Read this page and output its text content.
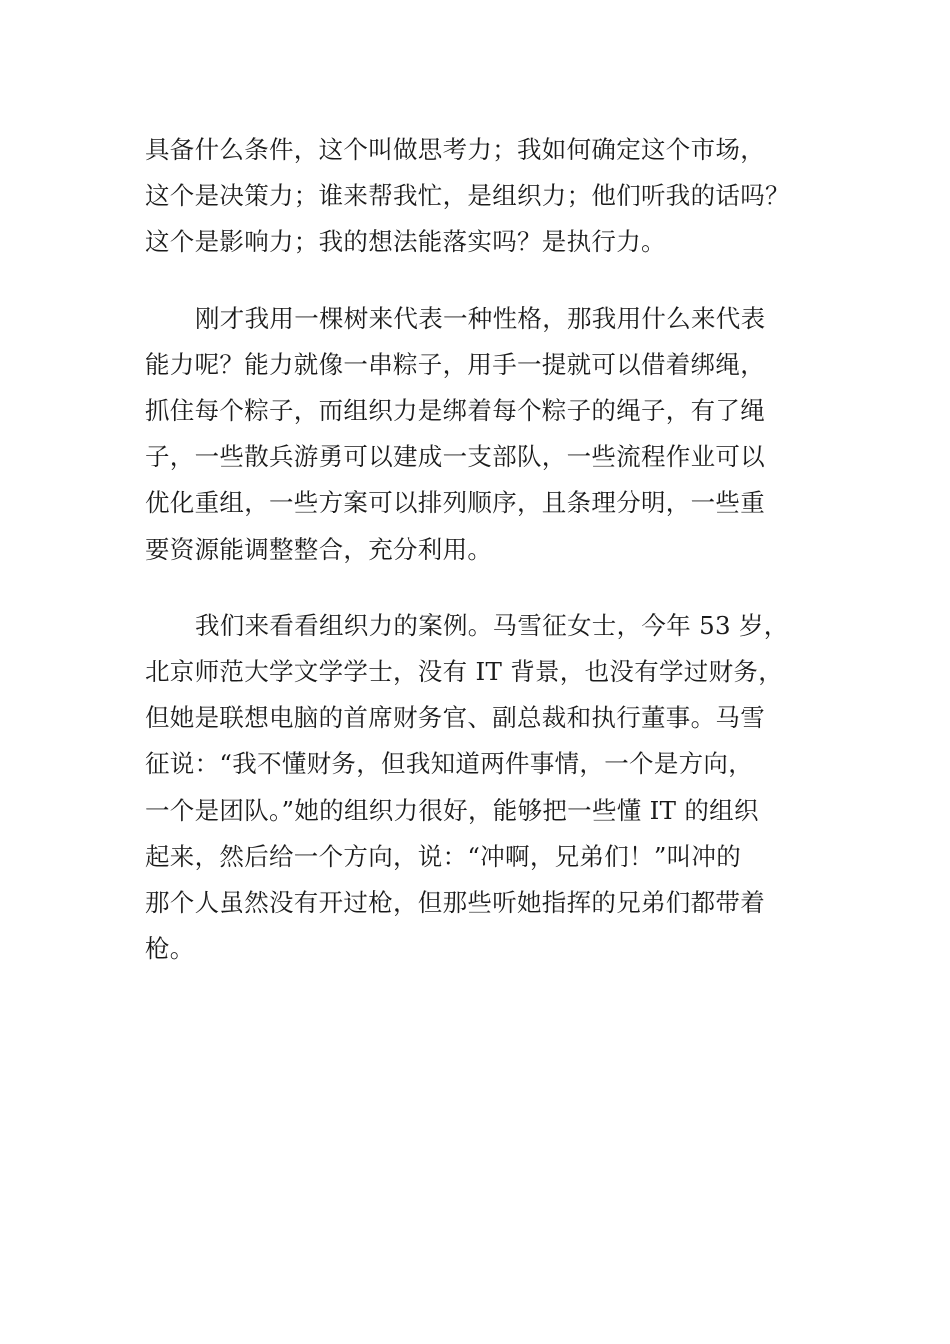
具备什么条件，这个叫做思考力；我如何确定这个市场，
这个是决策力；谁来帮我忙，是组织力；他们听我的话吗？
这个是影响力；我的想法能落实吗？是执行力。

刚才我用一棵树来代表一种性格，那我用什么来代表
能力呢？能力就像一串粽子，用手一提就可以借着绑绳，
抓住每个粽子，而组织力是绑着每个粽子的绳子，有了绳
子，一些散兵游勇可以建成一支部队，一些流程作业可以
优化重组，一些方案可以排列顺序，且条理分明，一些重
要资源能调整整合，充分利用。

我们来看看组织力的案例。马雪征女士，今年 53 岁，
北京师范大学文学学士，没有 IT 背景，也没有学过财务，
但她是联想电脑的首席财务官、副总裁和执行董事。马雪
征说：“我不懂财务，但我知道两件事情，一个是方向，
一个是团队。”她的组织力很好，能够把一些懂 IT 的组织
起来，然后给一个方向，说：“冲啊，兄弟们！”叫冲的
那个人虽然没有开过枪，但那些听她指挥的兄弟们都带着
枪。
